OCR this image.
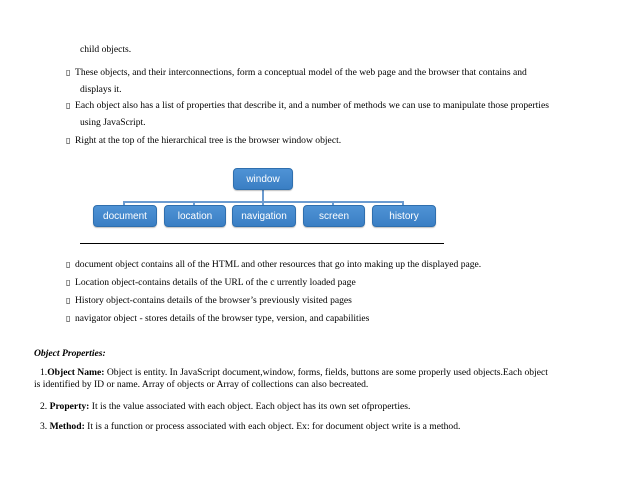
child objects.
▯ These objects, and their interconnections, form a conceptual model of the web page and the browser that contains and
displays it.
▯ Each object also has a list of properties that describe it, and a number of methods we can use to manipulate those properties
using JavaScript.
▯ Right at the top of the hierarchical tree is the browser window object.
window
document	location	navigation	screen	history
▯ document object contains all of the HTML and other resources that go into making up the displayed page.
▯ Location object-contains details of the URL of the c urrently loaded page
▯ History object-contains details of the browser’s previously visited pages
▯ navigator object - stores details of the browser type, version, and capabilities
Object Properties:
1.Object Name: Object is entity. In JavaScript document,window, forms, fields, buttons are some properly used objects.Each object
is identified by ID or name. Array of objects or Array of collections can also becreated.
2. Property: It is the value associated with each object. Each object has its own set ofproperties.
3. Method: It is a function or process associated with each object. Ex: for document object write is a method.
